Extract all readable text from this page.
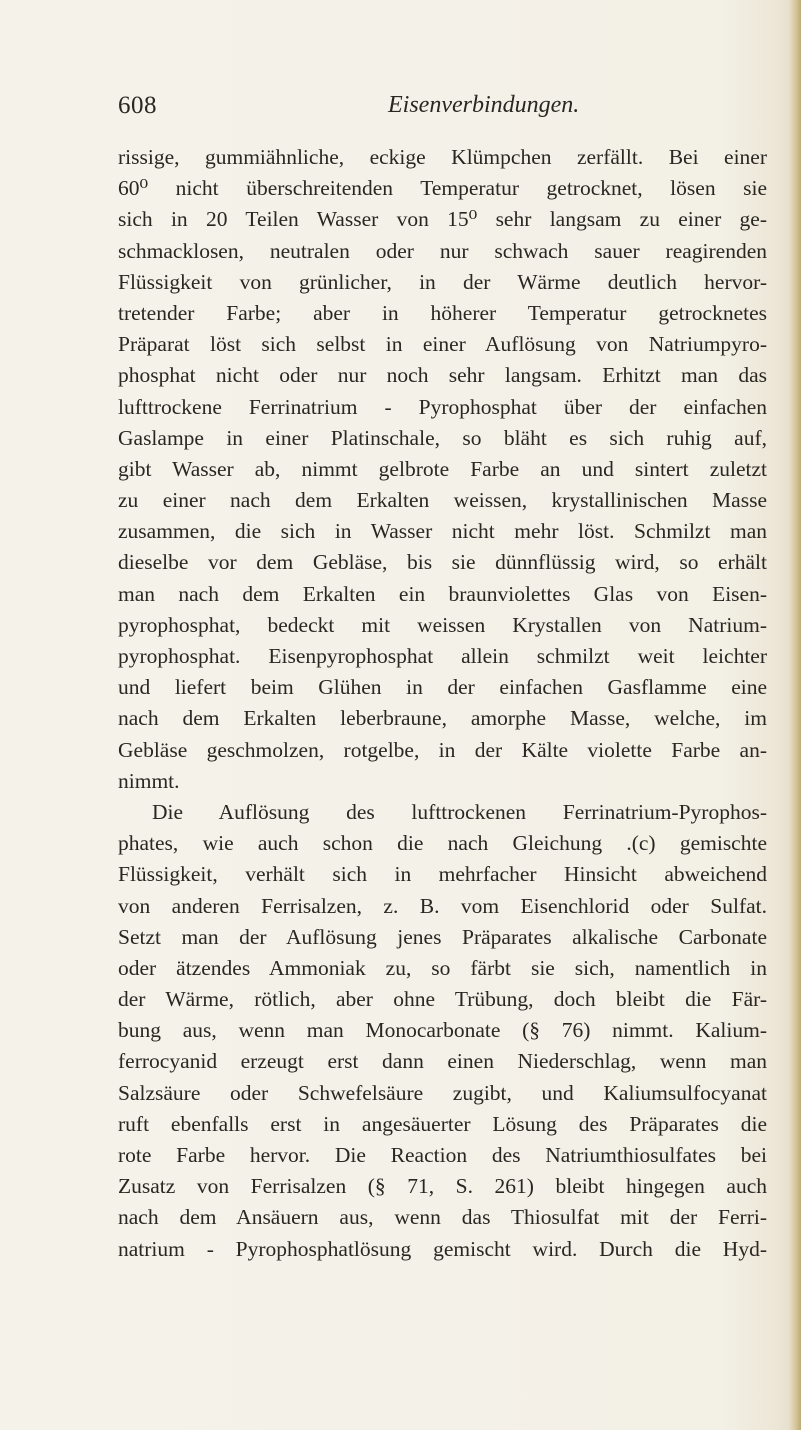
608	Eisenverbindungen.
rissige, gummiähnliche, eckige Klümpchen zerfällt. Bei einer
60⁰ nicht überschreitenden Temperatur getrocknet, lösen sie
sich in 20 Teilen Wasser von 15⁰ sehr langsam zu einer ge-
schmacklosen, neutralen oder nur schwach sauer reagirenden
Flüssigkeit von grünlicher, in der Wärme deutlich hervor-
tretender Farbe; aber in höherer Temperatur getrocknetes
Präparat löst sich selbst in einer Auflösung von Natriumpyro-
phosphat nicht oder nur noch sehr langsam. Erhitzt man das
lufttrockene Ferrinatrium - Pyrophosphat über der einfachen
Gaslampe in einer Platinschale, so bläht es sich ruhig auf,
gibt Wasser ab, nimmt gelbrote Farbe an und sintert zuletzt
zu einer nach dem Erkalten weissen, krystallinischen Masse
zusammen, die sich in Wasser nicht mehr löst. Schmilzt man
dieselbe vor dem Gebläse, bis sie dünnflüssig wird, so erhält
man nach dem Erkalten ein braunviolettes Glas von Eisen-
pyrophosphat, bedeckt mit weissen Krystallen von Natrium-
pyrophosphat. Eisenpyrophosphat allein schmilzt weit leichter
und liefert beim Glühen in der einfachen Gasflamme eine
nach dem Erkalten leberbraune, amorphe Masse, welche, im
Gebläse geschmolzen, rotgelbe, in der Kälte violette Farbe an-
nimmt.
Die Auflösung des lufttrockenen Ferrinatrium-Pyrophos-
phates, wie auch schon die nach Gleichung .(c) gemischte
Flüssigkeit, verhält sich in mehrfacher Hinsicht abweichend
von anderen Ferrisalzen, z. B. vom Eisenchlorid oder Sulfat.
Setzt man der Auflösung jenes Präparates alkalische Carbonate
oder ätzendes Ammoniak zu, so färbt sie sich, namentlich in
der Wärme, rötlich, aber ohne Trübung, doch bleibt die Fär-
bung aus, wenn man Monocarbonate (§ 76) nimmt. Kalium-
ferrocyanid erzeugt erst dann einen Niederschlag, wenn man
Salzsäure oder Schwefelsäure zugibt, und Kaliumsulfocyanat
ruft ebenfalls erst in angesäuerter Lösung des Präparates die
rote Farbe hervor. Die Reaction des Natriumthiosulfates bei
Zusatz von Ferrisalzen (§ 71, S. 261) bleibt hingegen auch
nach dem Ansäuern aus, wenn das Thiosulfat mit der Ferri-
natrium - Pyrophosphatlösung gemischt wird. Durch die Hyd-
